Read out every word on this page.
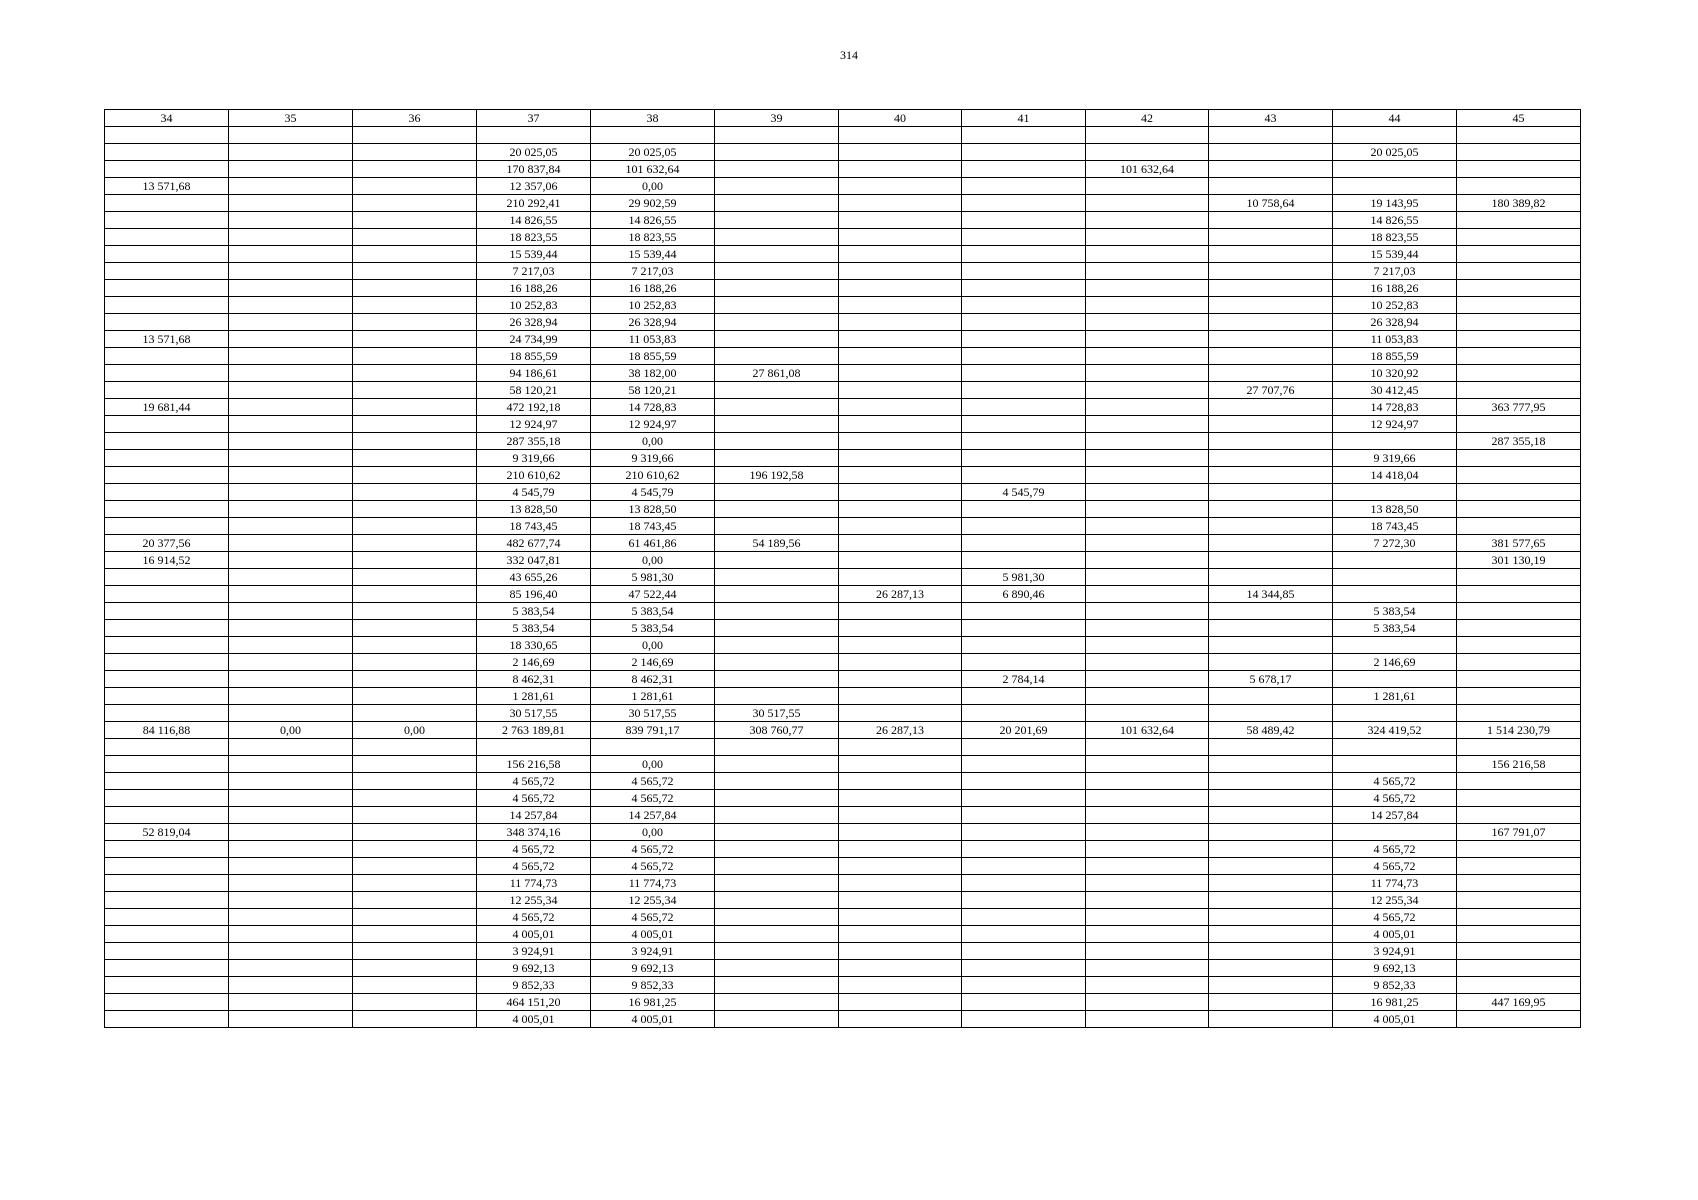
314
34	35	36	37	38	39	40	41	42	43	44	45

			20 025,05	20 025,05						20 025,05	
			170 837,84	101 632,64				101 632,64			
13 571,68			12 357,06	0,00							
			210 292,41	29 902,59					10 758,64	19 143,95	180 389,82
			14 826,55	14 826,55						14 826,55	
			18 823,55	18 823,55						18 823,55	
			15 539,44	15 539,44						15 539,44	
			7 217,03	7 217,03						7 217,03	
			16 188,26	16 188,26						16 188,26	
			10 252,83	10 252,83						10 252,83	
			26 328,94	26 328,94						26 328,94	
13 571,68			24 734,99	11 053,83						11 053,83	
			18 855,59	18 855,59						18 855,59	
			94 186,61	38 182,00	27 861,08					10 320,92	
			58 120,21	58 120,21					27 707,76	30 412,45	
19 681,44			472 192,18	14 728,83						14 728,83	363 777,95
			12 924,97	12 924,97						12 924,97	
			287 355,18	0,00							287 355,18
			9 319,66	9 319,66						9 319,66	
			210 610,62	210 610,62	196 192,58					14 418,04	
			4 545,79	4 545,79			4 545,79				
			13 828,50	13 828,50						13 828,50	
			18 743,45	18 743,45						18 743,45	
20 377,56			482 677,74	61 461,86	54 189,56					7 272,30	381 577,65
16 914,52			332 047,81	0,00							301 130,19
			43 655,26	5 981,30			5 981,30				
			85 196,40	47 522,44		26 287,13	6 890,46		14 344,85		
			5 383,54	5 383,54						5 383,54	
			5 383,54	5 383,54						5 383,54	
			18 330,65	0,00							
			2 146,69	2 146,69						2 146,69	
			8 462,31	8 462,31			2 784,14		5 678,17		
			1 281,61	1 281,61						1 281,61	
			30 517,55	30 517,55	30 517,55						
84 116,88	0,00	0,00	2 763 189,81	839 791,17	308 760,77	26 287,13	20 201,69	101 632,64	58 489,42	324 419,52	1 514 230,79

			156 216,58	0,00							156 216,58
			4 565,72	4 565,72						4 565,72	
			4 565,72	4 565,72						4 565,72	
			14 257,84	14 257,84						14 257,84	
52 819,04			348 374,16	0,00							167 791,07
			4 565,72	4 565,72						4 565,72	
			4 565,72	4 565,72						4 565,72	
			11 774,73	11 774,73						11 774,73	
			12 255,34	12 255,34						12 255,34	
			4 565,72	4 565,72						4 565,72	
			4 005,01	4 005,01						4 005,01	
			3 924,91	3 924,91						3 924,91	
			9 692,13	9 692,13						9 692,13	
			9 852,33	9 852,33						9 852,33	
			464 151,20	16 981,25						16 981,25	447 169,95
			4 005,01	4 005,01						4 005,01	
